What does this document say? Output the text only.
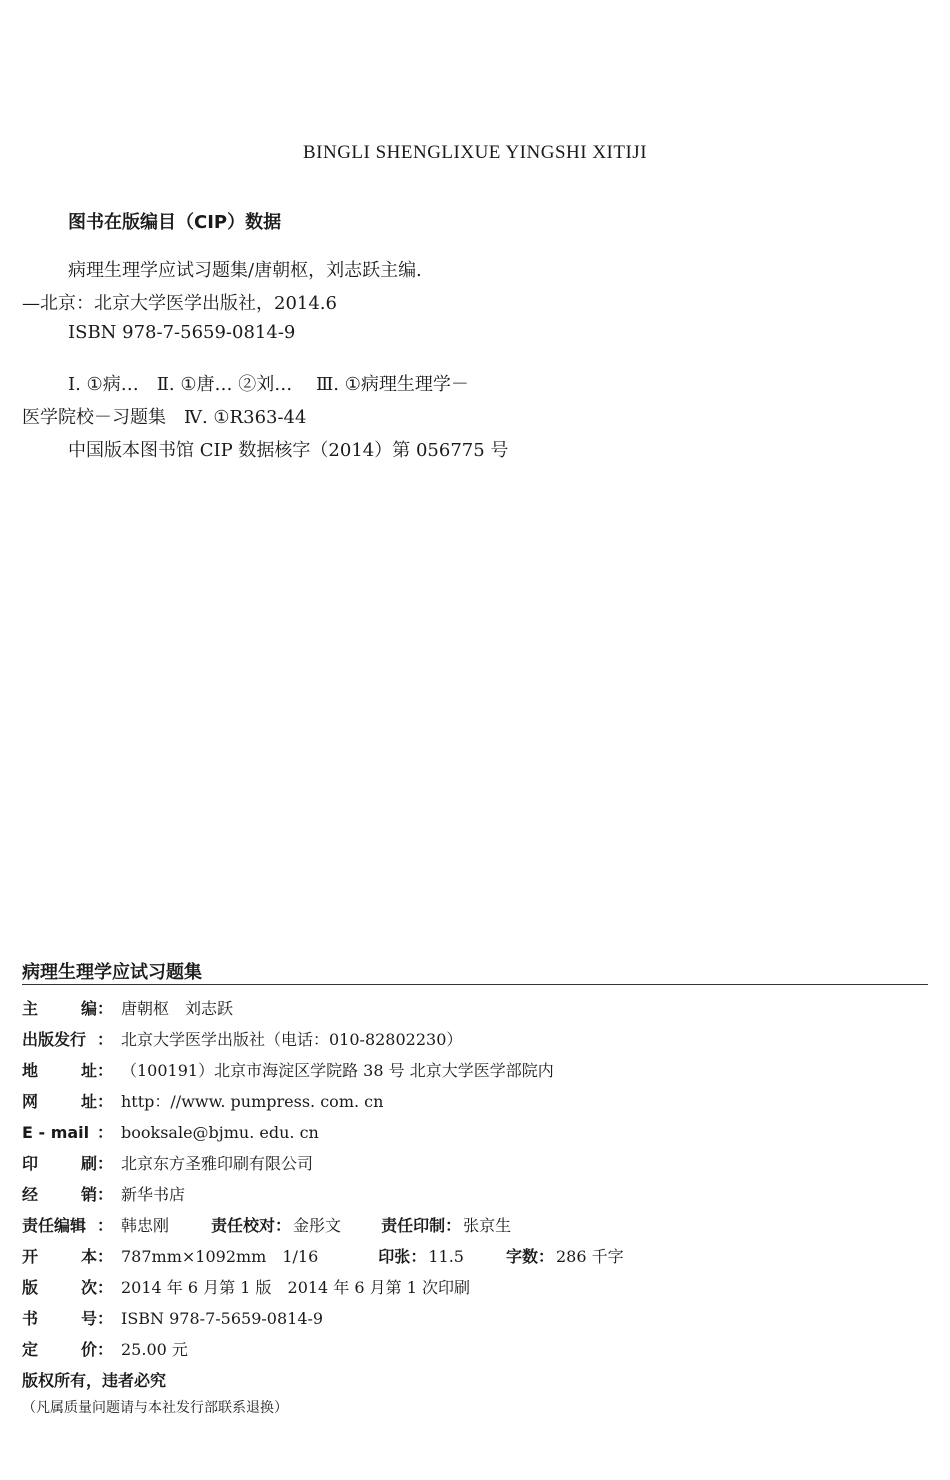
BINGLI SHENGLIXUE YINGSHI XITIJI
图书在版编目（CIP）数据
病理生理学应试习题集/唐朝枢，刘志跃主编.
—北京：北京大学医学出版社，2014.6
ISBN 978-7-5659-0814-9
Ⅰ. ①病…　Ⅱ. ①唐… ②刘…　 Ⅲ. ①病理生理学－
医学院校－习题集　Ⅳ. ①R363-44
中国版本图书馆 CIP 数据核字（2014）第 056775 号
病理生理学应试习题集
主	编 ： 唐朝枢　刘志跃
出版发行 ： 北京大学医学出版社（电话：010-82802230）
地	址 ： （100191）北京市海淀区学院路 38 号 北京大学医学部院内
网	址 ： http：//www. pumpress. com. cn
E - mail ： booksale@bjmu. edu. cn
印	刷 ： 北京东方圣雅印刷有限公司
经	销 ： 新华书店
责任编辑 ： 韩忠刚	责任校对 ： 金彤文	责任印制 ： 张京生
开	本 ： 787mm×1092mm　1/16	印张 ： 11.5	字数 ： 286 千字
版	次 ： 2014 年 6 月第 1 版　2014 年 6 月第 1 次印刷
书	号 ： ISBN 978-7-5659-0814-9
定	价 ： 25.00 元
版权所有，违者必究
（凡属质量问题请与本社发行部联系退换）
